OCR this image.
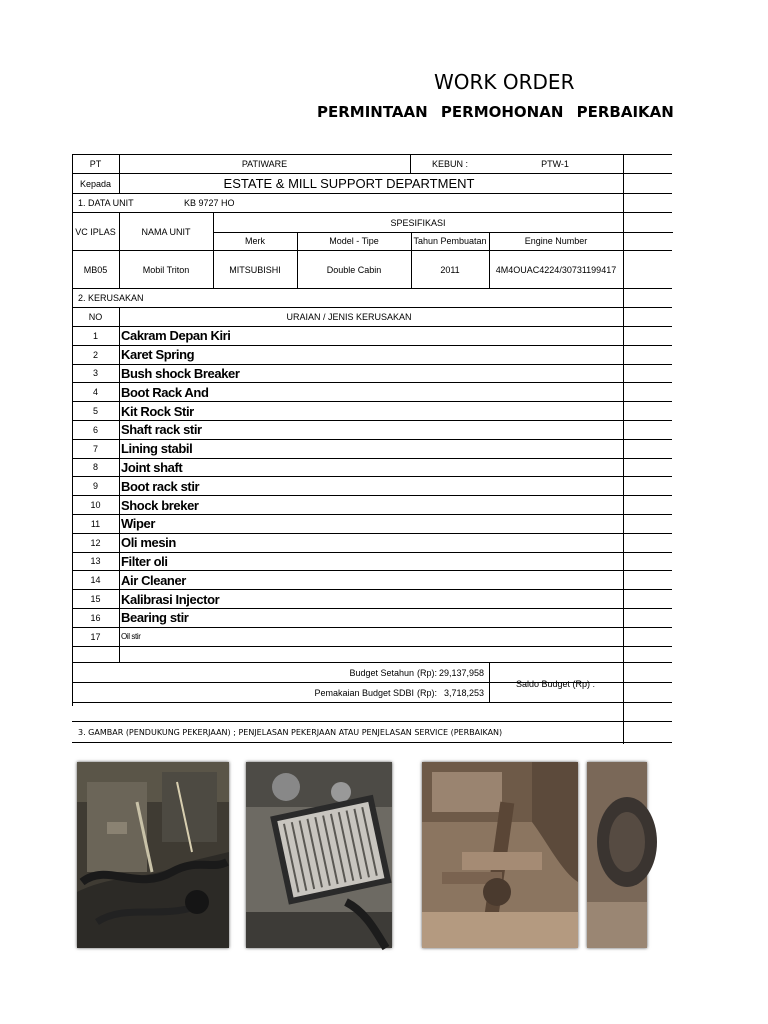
WORK ORDER
PERMINTAAN PERMOHONAN PERBAIKAN
PT	PATIWARE	KEBUN :	PTW-1
Kepada	ESTATE & MILL SUPPORT DEPARTMENT
1. DATA UNIT	KB 9727 HO
VC IPLAS	NAMA UNIT
SPESIFIKASI
Merk	Model - Tipe	Tahun Pembuatan	Engine Number
MB05	Mobil Triton	MITSUBISHI	Double Cabin	2011	4M4OUAC4224/30731199417
2. KERUSAKAN
NO	URAIAN / JENIS KERUSAKAN
1	Cakram Depan Kiri
2	Karet Spring
3	Bush shock Breaker
4	Boot Rack And
5	Kit Rock Stir
6	Shaft rack stir
7	Lining stabil
8	Joint shaft
9	Boot rack stir
10	Shock breker
11	Wiper
12	Oli mesin
13	Filter oli
14	Air Cleaner
15	Kalibrasi Injector
16	Bearing stir
17	Oil stir
Budget Setahun (Rp): 29,137,958
Pemakaian Budget SDBI (Rp): 3,718,253
Saldo Budget (Rp) :
3. GAMBAR (PENDUKUNG PEKERJAAN) ; PENJELASAN PEKERJAAN ATAU PENJELASAN SERVICE (PERBAIKAN)
